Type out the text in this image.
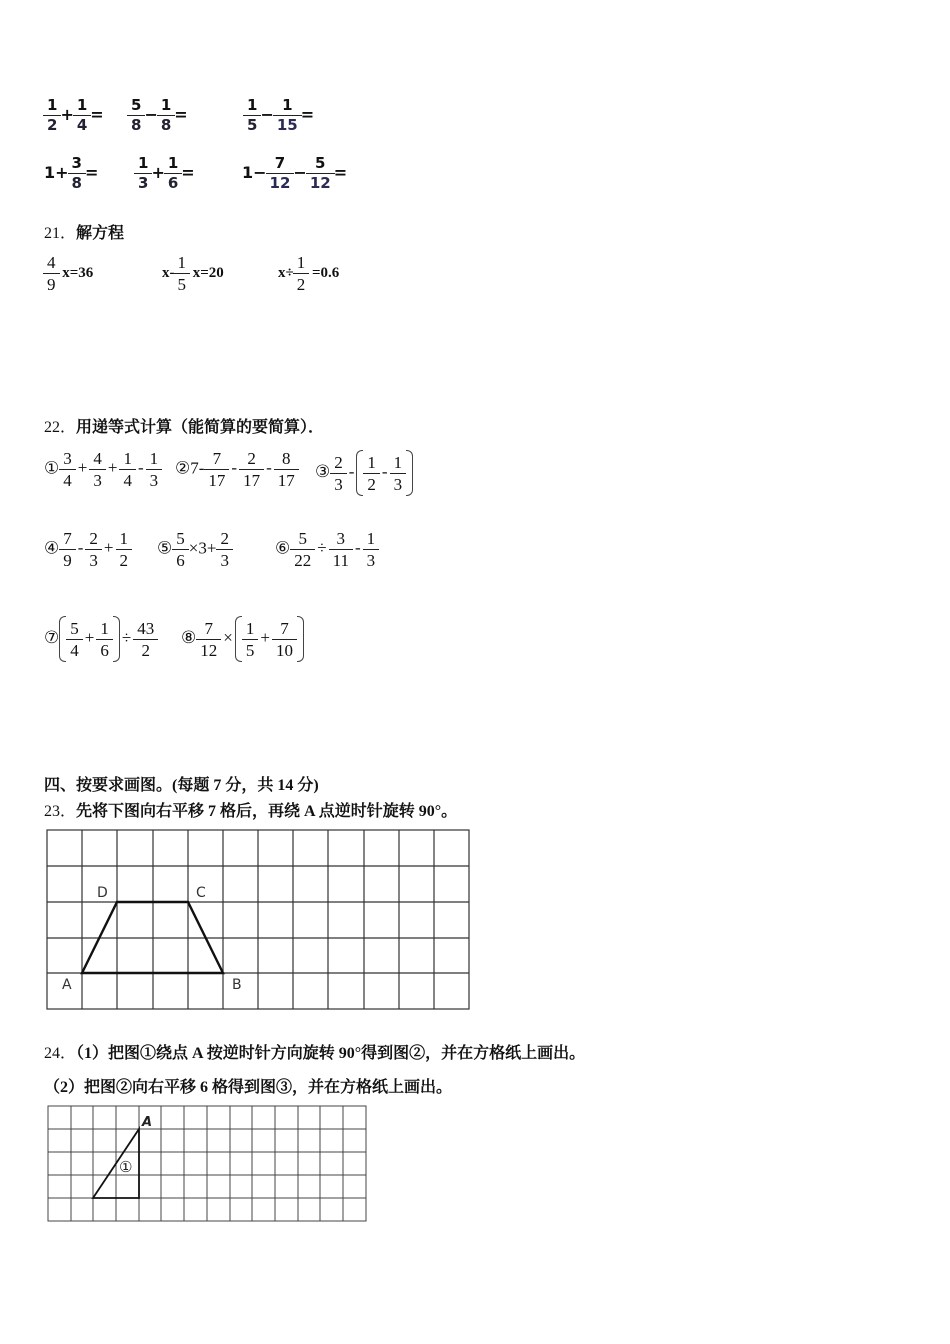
$\frac{1}{2} + \frac{1}{4} = \frac{5}{8} - \frac{1}{8}$ =	$\frac{1}{5} - \frac{1}{15}$ =
$1+ \frac{3}{8}$ =	$\frac{1}{3} + \frac{1}{6}$ =	$1- \frac{7}{12} - \frac{5}{12}$ =
21．解方程
$\frac{4}{9} x=36$	$x- \frac{1}{5} x=20$	$x\div \frac{1}{2} =0.6$
22．用递等式计算（能简算的要简算）．
① $\frac{3}{4} + \frac{4}{3} + \frac{1}{4} - \frac{1}{3}$ ②7- $\frac{7}{17} - \frac{2}{17} - \frac{8}{17}$ ③ $\frac{2}{3} - \frac{1}{2} - \frac{1}{3}$
④ $\frac{7}{9} - \frac{2}{3} + \frac{1}{2}$ ⑤ $\frac{5}{6} \times 3+ \frac{2}{3}$	⑥ $\frac{5}{22} \div \frac{3}{11} - \frac{1}{3}$
⑦ $\frac{5}{4} + \frac{1}{6} \div \frac{43}{2}$ ⑧ $\frac{7}{12} \times \frac{1}{5} + \frac{7}{10}$
四、按要求画图。(每题 7 分，共 14 分)
23．先将下图向右平移 7 格后，再绕 A 点逆时针旋转 90°。
D	C
A	B
24．（1）把图①绕点 A 按逆时针方向旋转 90°得到图②，并在方格纸上画出。
（2）把图②向右平移 6 格得到图③，并在方格纸上画出。
A
①
